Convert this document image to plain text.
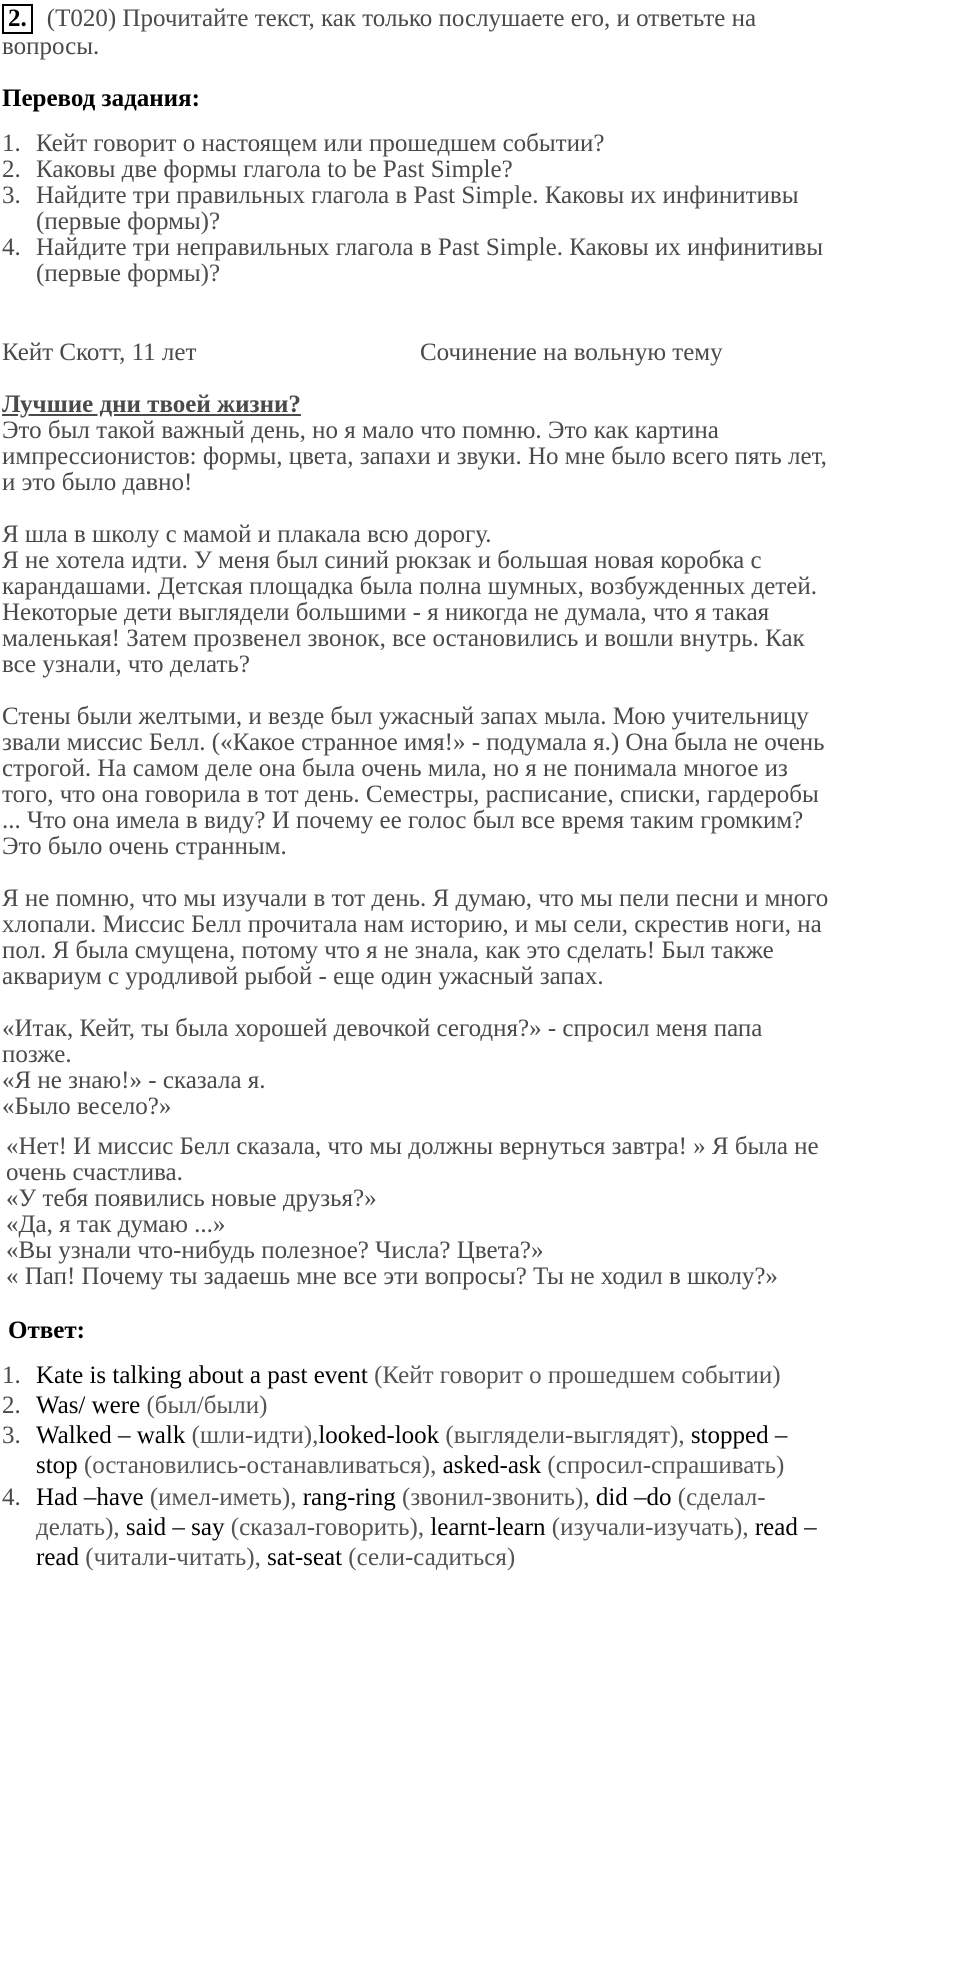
2. (T020) Прочитайте текст, как только послушаете его, и ответьте на
вопросы.
Перевод задания:
1. Кейт говорит о настоящем или прошедшем событии?
2. Каковы две формы глагола to be Past Simple?
3. Найдите три правильных глагола в Past Simple. Каковы их инфинитивы
(первые формы)?
4. Найдите три неправильных глагола в Past Simple. Каковы их инфинитивы
(первые формы)?
Кейт Скотт, 11 лет	Сочинение на вольную тему
Лучшие дни твоей жизни?
Это был такой важный день, но я мало что помню. Это как картина
импрессионистов: формы, цвета, запахи и звуки. Но мне было всего пять лет,
и это было давно!
Я шла в школу с мамой и плакала всю дорогу.
Я не хотела идти. У меня был синий рюкзак и большая новая коробка с
карандашами. Детская площадка была полна шумных, возбужденных детей.
Некоторые дети выглядели большими - я никогда не думала, что я такая
маленькая! Затем прозвенел звонок, все остановились и вошли внутрь. Как
все узнали, что делать?
Стены были желтыми, и везде был ужасный запах мыла. Мою учительницу
звали миссис Белл. («Какое странное имя!» - подумала я.) Она была не очень
строгой. На самом деле она была очень мила, но я не понимала многое из
того, что она говорила в тот день. Семестры, расписание, списки, гардеробы
... Что она имела в виду? И почему ее голос был все время таким громким?
Это было очень странным.
Я не помню, что мы изучали в тот день. Я думаю, что мы пели песни и много
хлопали. Миссис Белл прочитала нам историю, и мы сели, скрестив ноги, на
пол. Я была смущена, потому что я не знала, как это сделать! Был также
аквариум с уродливой рыбой - еще один ужасный запах.
«Итак, Кейт, ты была хорошей девочкой сегодня?» - спросил меня папа
позже.
«Я не знаю!» - сказала я.
«Было весело?»
«Нет! И миссис Белл сказала, что мы должны вернуться завтра! » Я была не
очень счастлива.
«У тебя появились новые друзья?»
«Да, я так думаю ...»
«Вы узнали что-нибудь полезное? Числа? Цвета?»
« Пап! Почему ты задаешь мне все эти вопросы? Ты не ходил в школу?»
Ответ:
1. Kate is talking about a past event (Кейт говорит о прошедшем событии)
2. Was/ were (был/были)
3. Walked – walk (шли-идти),looked-look (выглядели-выглядят), stopped –
stop (остановились-останавливаться), asked-ask (спросил-спрашивать)
4. Had –have (имел-иметь), rang-ring (звонил-звонить), did –do (сделал-
делать), said – say (сказал-говорить), learnt-learn (изучали-изучать), read –
read (читали-читать), sat-seat (сели-садиться)
